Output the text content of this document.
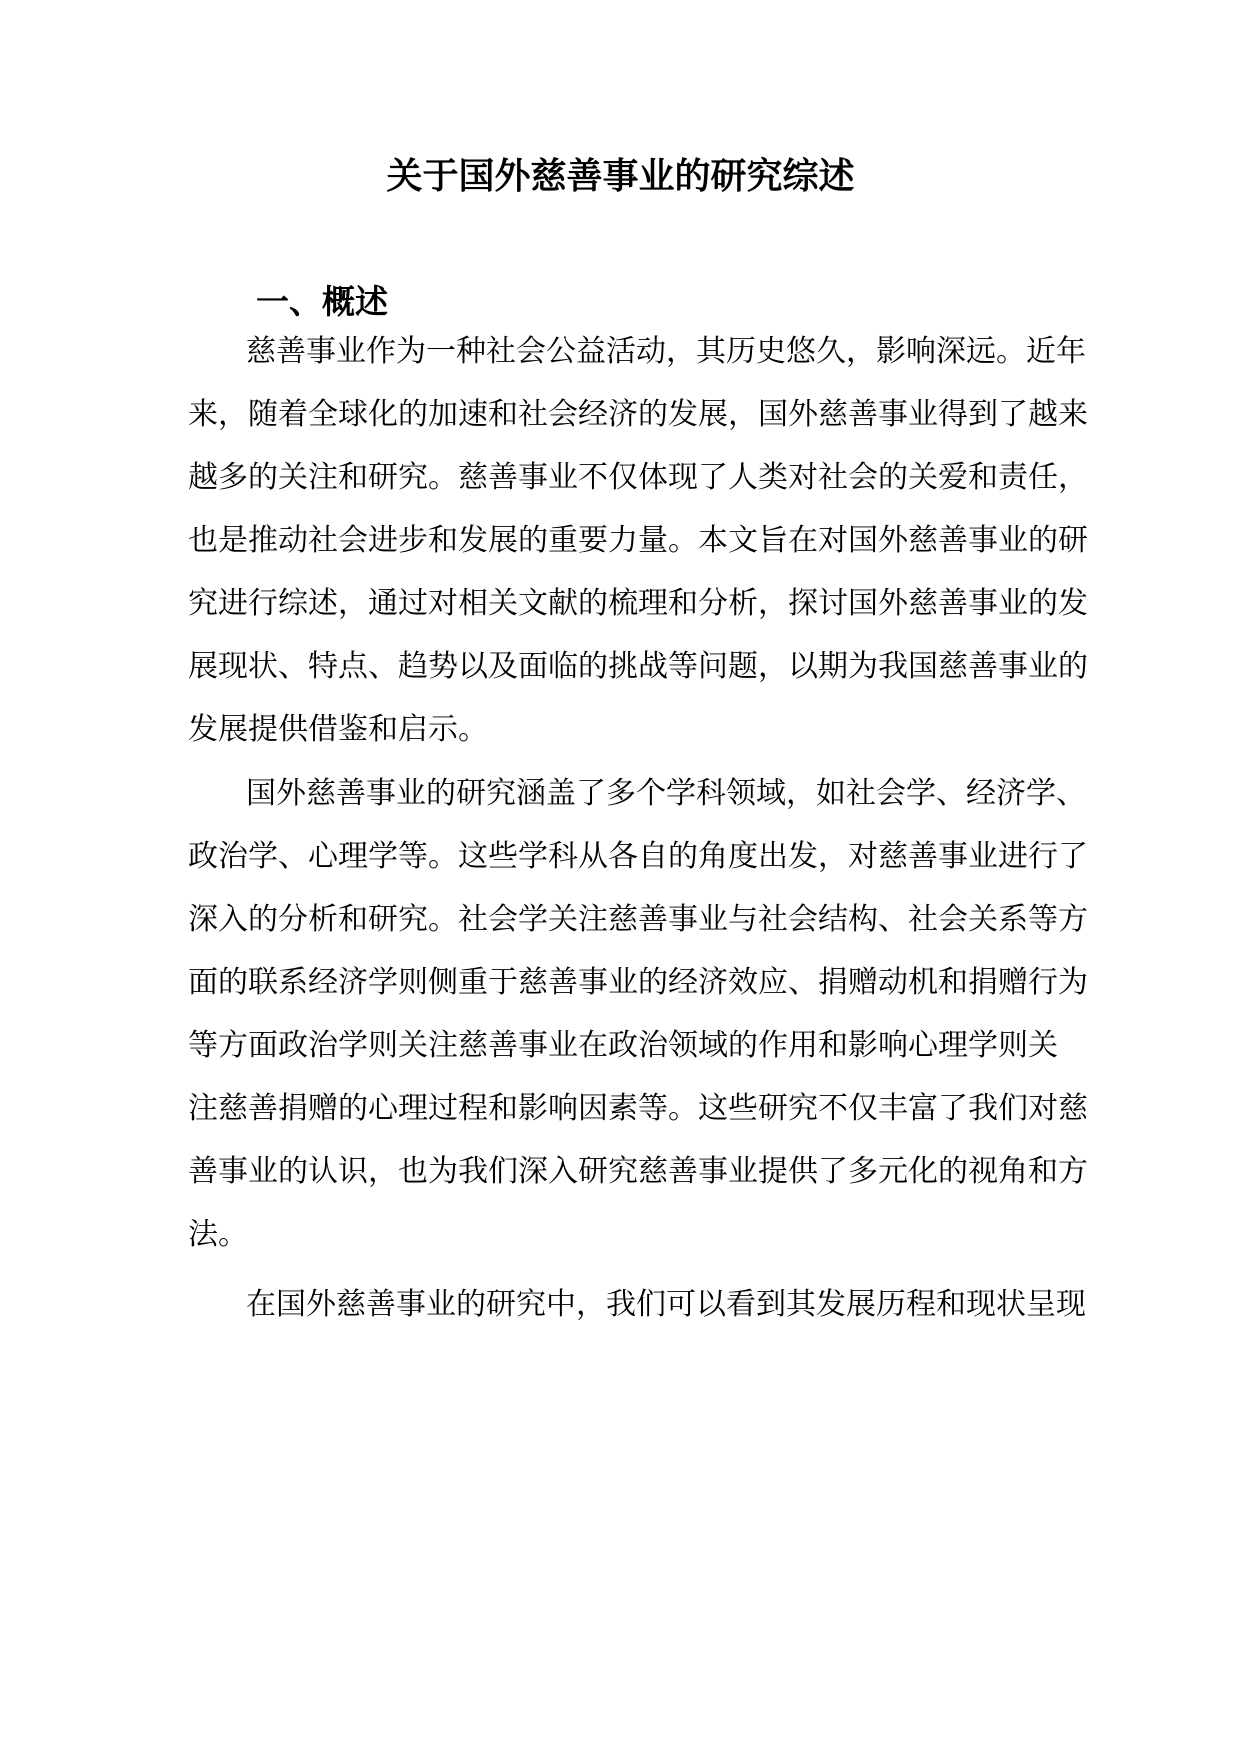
关于国外慈善事业的研究综述
一、概述

慈善事业作为一种社会公益活动，其历史悠久，影响深远。近年

来，随着全球化的加速和社会经济的发展，国外慈善事业得到了越来

越多的关注和研究。慈善事业不仅体现了人类对社会的关爱和责任，

也是推动社会进步和发展的重要力量。本文旨在对国外慈善事业的研

究进行综述，通过对相关文献的梳理和分析，探讨国外慈善事业的发

展现状、特点、趋势以及面临的挑战等问题，以期为我国慈善事业的

发展提供借鉴和启示。

国外慈善事业的研究涵盖了多个学科领域，如社会学、经济学、

政治学、心理学等。这些学科从各自的角度出发，对慈善事业进行了

深入的分析和研究。社会学关注慈善事业与社会结构、社会关系等方

面的联系经济学则侧重于慈善事业的经济效应、捐赠动机和捐赠行为

等方面政治学则关注慈善事业在政治领域的作用和影响心理学则关

注慈善捐赠的心理过程和影响因素等。这些研究不仅丰富了我们对慈

善事业的认识，也为我们深入研究慈善事业提供了多元化的视角和方

法。

在国外慈善事业的研究中，我们可以看到其发展历程和现状呈现
